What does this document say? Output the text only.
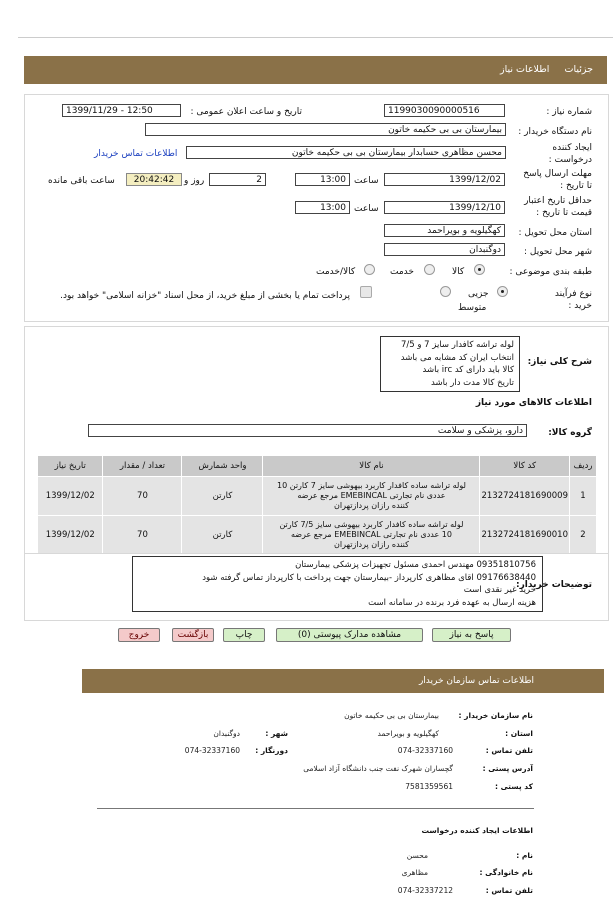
جزئیات     اطلاعات نیاز
شماره نیاز :
1199030090000516
تاریخ و ساعت اعلان عمومی :
1399/11/29 - 12:50
نام دستگاه خریدار :
بیمارستان بی بی حکیمه خاتون
ایجاد کننده درخواست :
محسن مظاهری حسابدار بیمارستان بی بی حکیمه خاتون
اطلاعات تماس خریدار
مهلت ارسال پاسخ تا تاریخ :
1399/12/02
ساعت
13:00
2
روز و
20:42:42
ساعت باقی مانده
حداقل تاریخ اعتبار قیمت تا تاریخ :
1399/12/10
ساعت
13:00
استان محل تحویل :
کهگیلویه و بویراحمد
شهر محل تحویل :
دوگنبدان
طبقه بندی موضوعی :
کالا
خدمت
کالا/خدمت
نوع فرآیند خرید :
جزیی
متوسط
پرداخت تمام یا بخشی از مبلغ خرید، از محل اسناد "خزانه اسلامی" خواهد بود.
شرح کلی نیاز:
لوله تراشه کافدار سایز 7 و 7/5
انتخاب ایران کد مشابه می باشد
کالا باید دارای کد irc باشد
تاریخ کالا مدت دار باشد
اطلاعات کالاهای مورد نیاز
گروه کالا:
دارو، پزشکی و سلامت
ردیف	کد کالا	نام کالا	واحد شمارش	تعداد / مقدار	تاریخ نیاز
1	2132724181690009	لوله تراشه ساده کافدار کاربرد بیهوشی سایز 7 کارتن 10
عددی نام تجارتی EMEBINCAL مرجع عرضه
کننده رازان پردازتهران	کارتن	70	1399/12/02
2	2132724181690010	لوله تراشه ساده کافدار کاربرد بیهوشی سایز 7/5 کارتن
10 عددی نام تجارتی EMEBINCAL مرجع عرضه
کننده رازان پردازتهران	کارتن	70	1399/12/02
توضیحات خریدار:
09351810756 مهندس احمدی مسئول تجهیزات پزشکی بیمارستان
09176638440 اقای مظاهری کارپرداز -بیمارستان جهت پرداخت با کارپرداز تماس گرفته شود
خرید غیر نقدی است
هزینه ارسال به عهده فرد برنده در سامانه است
پاسخ به نیاز
مشاهده مدارک پیوستی (0)
چاپ
بازگشت
خروج
اطلاعات تماس سازمان خریدار
نام سازمان خریدار :
بیمارستان بی بی حکیمه خاتون
استان :
کهگیلویه و بویراحمد
شهر :
دوگنبدان
تلفن تماس :
074-32337160
دورنگار :
074-32337160
آدرس پستی :
گچساران شهرک نفت جنب دانشگاه آزاد اسلامی
کد پستی :
7581359561
اطلاعات ایجاد کننده درخواست
نام :
محسن
نام خانوادگی :
مظاهری
تلفن تماس :
074-32337212
